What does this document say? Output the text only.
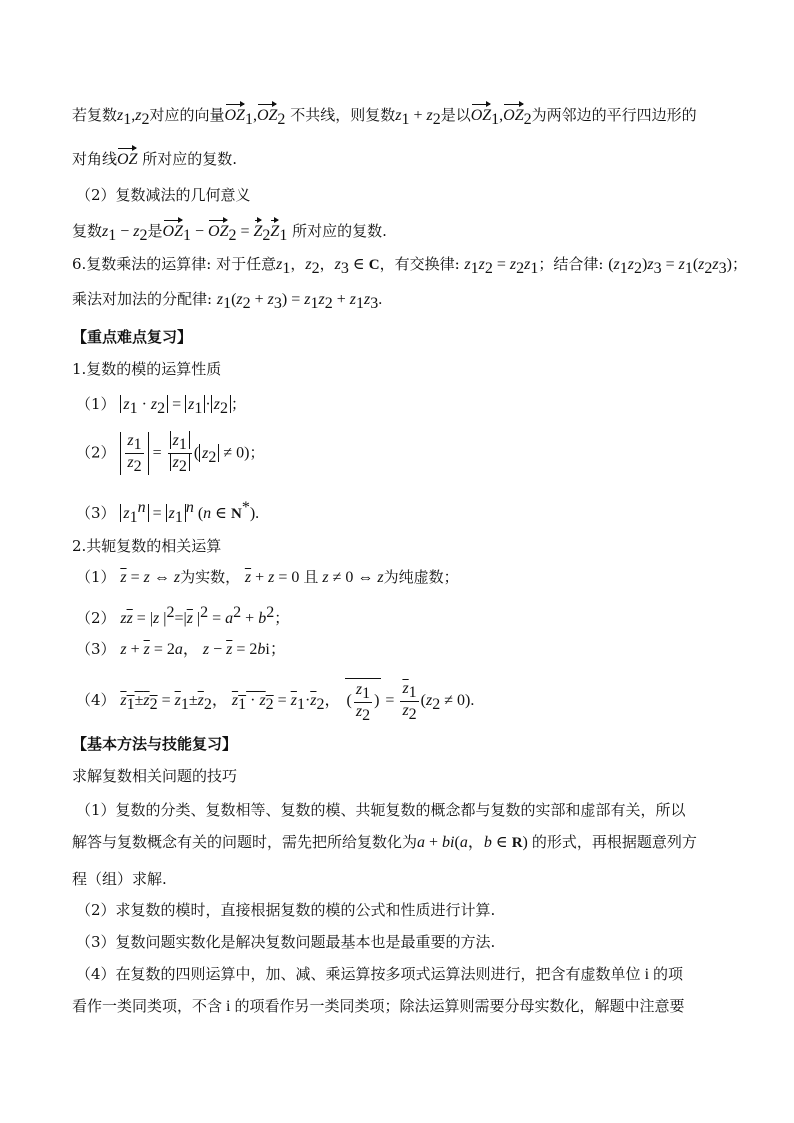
若复数$z_1,z_2$对应的向量$OZ_1,OZ_2$ 不共线，则复数$z_1 + z_2$是以$OZ_1,OZ_2$为两邻边的平行四边形的
对角线OZ 所对应的复数.
（2）复数减法的几何意义
复数$z_1 - z_2$是$OZ_1 - OZ_2 = Z_2Z_1$ 所对应的复数.
6.复数乘法的运算律: 对于任意$z_1$，$z_2$，$z_3$ ∈ C，有交换律: $z_1z_2 = z_2z_1$；结合律: $(z_1z_2)z_3 = z_1(z_2z_3)$；
乘法对加法的分配律: $z_1(z_2 + z_3) = z_1z_2 + z_1z_3$.
【重点难点复习】
1.复数的模的运算性质
（1） $z_1 \cdot z_2 = z_1 \cdot z_2$ ；
$(2) \frac{z_1}{z_2} = \frac{z_1}{z_2}$ ( $z_2 \ne 0$)；
（3） $z_1^n = z_1^n$ (n ∈ N*).
2.共轭复数的相关运算
（1） $\overline{z} = z$ ⇔ z为实数， $\overline{z} + z = 0$ 且 z ≠ 0 ⇔ z为纯虚数；
（2） $z\overline{z} = |z$ $|^2=|\overline{z}$ $|^2 = a^2 + b^2$；
（3） $z + \overline{z} = 2a$， $z - \overline{z} = 2bi$；
（4） $z_1\pm z_2 = \overline{z}_1\pm\overline{z}_2$， $z_1 \cdot z_2 = \overline{z}_1\cdot\overline{z}_2$， ( $\frac{z_1}{z_2}$ ) = $\frac{\overline{z}_1}{\overline{z}_2} (z_2 \ne 0)$.
【基本方法与技能复习】
求解复数相关问题的技巧
（1）复数的分类、复数相等、复数的模、共轭复数的概念都与复数的实部和虚部有关，所以
解答与复数概念有关的问题时，需先把所给复数化为a + bi(a，b ∈ R) 的形式，再根据题意列方
程（组）求解.
（2）求复数的模时，直接根据复数的模的公式和性质进行计算.
（3）复数问题实数化是解决复数问题最基本也是最重要的方法.
（4）在复数的四则运算中，加、减、乘运算按多项式运算法则进行，把含有虚数单位 i 的项
看作一类同类项，不含 i 的项看作另一类同类项；除法运算则需要分母实数化，解题中注意要
